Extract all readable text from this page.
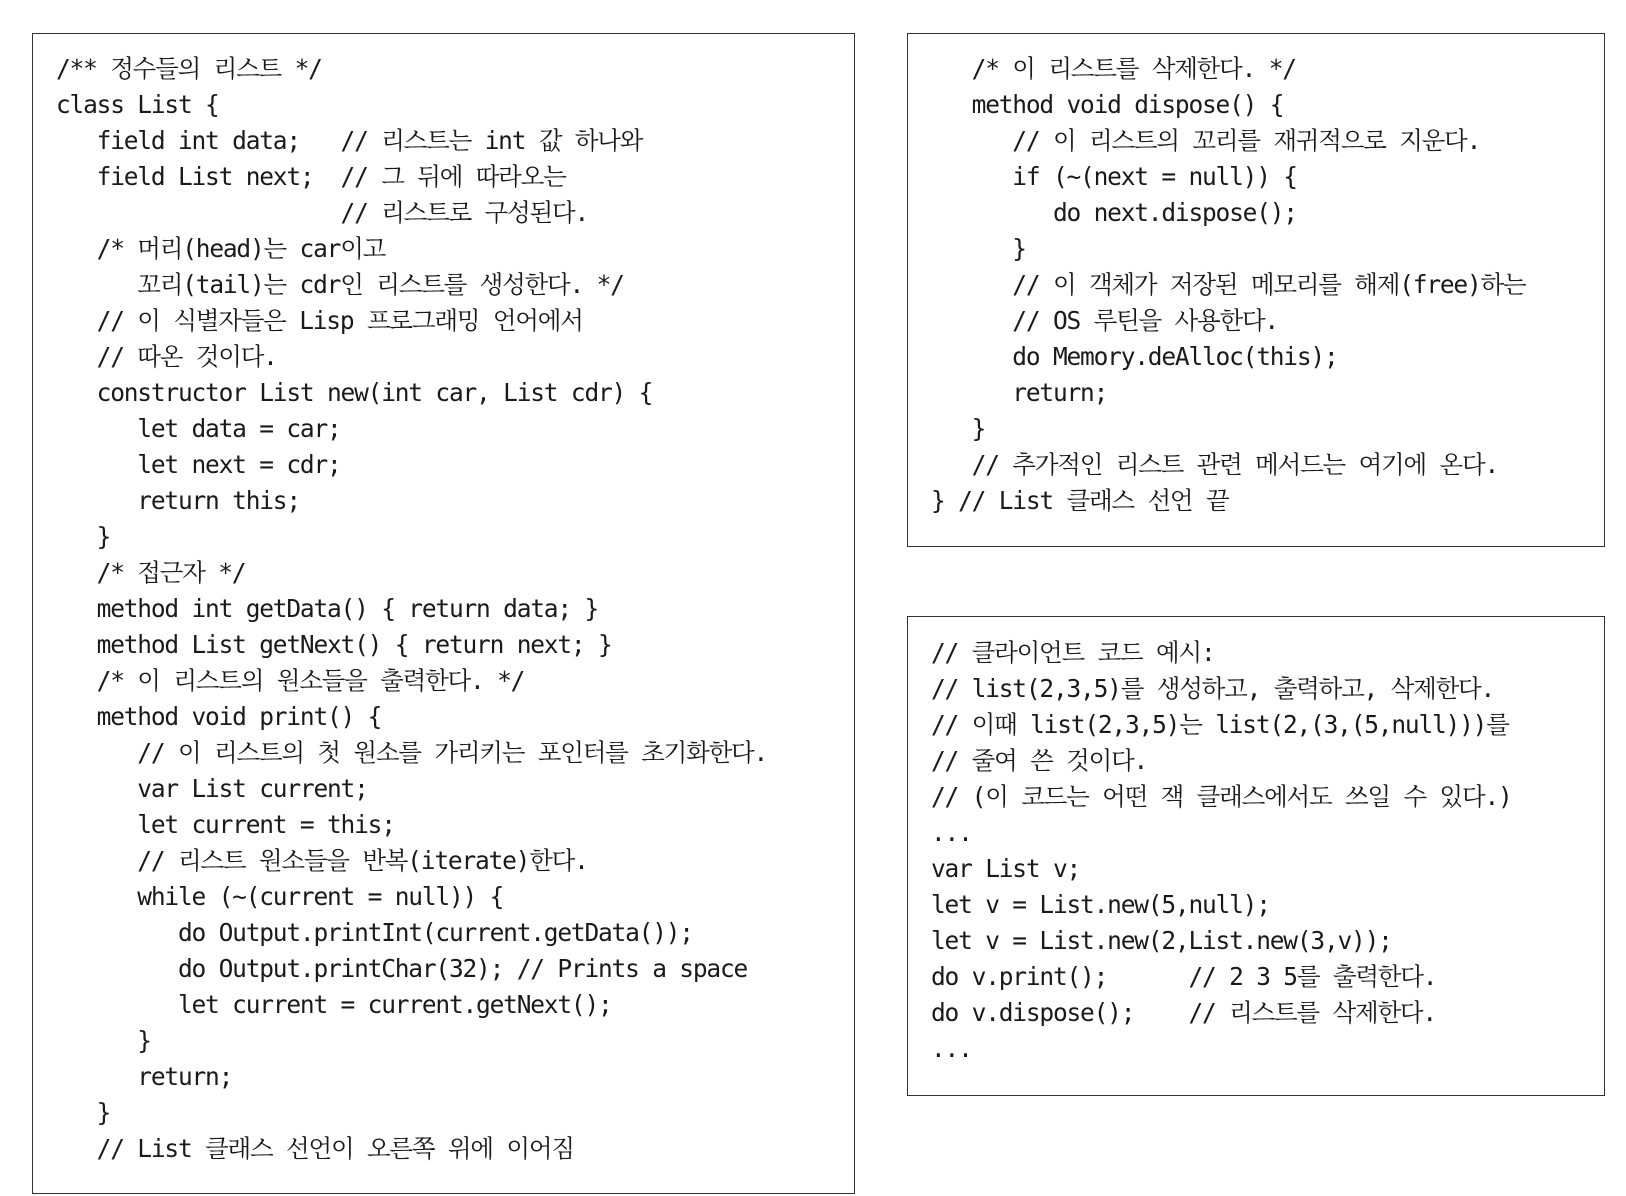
/** 정수들의 리스트 */
class List {
field int data;   // 리스트는 int 값 하나와
field List next;  // 그 뒤에 따라오는
// 리스트로 구성된다.
/* 머리(head)는 car이고
꼬리(tail)는 cdr인 리스트를 생성한다. */
// 이 식별자들은 Lisp 프로그래밍 언어에서
// 따온 것이다.
constructor List new(int car, List cdr) {
let data = car;
let next = cdr;
return this;
}
/* 접근자 */
method int getData() { return data; }
method List getNext() { return next; }
/* 이 리스트의 원소들을 출력한다. */
method void print() {
// 이 리스트의 첫 원소를 가리키는 포인터를 초기화한다.
var List current;
let current = this;
// 리스트 원소들을 반복(iterate)한다.
while (~(current = null)) {
do Output.printInt(current.getData());
do Output.printChar(32); // Prints a space
let current = current.getNext();
}
return;
}
// List 클래스 선언이 오른쪽 위에 이어짐
/* 이 리스트를 삭제한다. */
method void dispose() {
// 이 리스트의 꼬리를 재귀적으로 지운다.
if (~(next = null)) {
do next.dispose();
}
// 이 객체가 저장된 메모리를 해제(free)하는
// OS 루틴을 사용한다.
do Memory.deAlloc(this);
return;
}
// 추가적인 리스트 관련 메서드는 여기에 온다.
} // List 클래스 선언 끝
// 클라이언트 코드 예시:
// list(2,3,5)를 생성하고, 출력하고, 삭제한다.
// 이때 list(2,3,5)는 list(2,(3,(5,null)))를
// 줄여 쓴 것이다.
// (이 코드는 어떤 잭 클래스에서도 쓰일 수 있다.)
...
var List v;
let v = List.new(5,null);
let v = List.new(2,List.new(3,v));
do v.print();      // 2 3 5를 출력한다.
do v.dispose();    // 리스트를 삭제한다.
...
